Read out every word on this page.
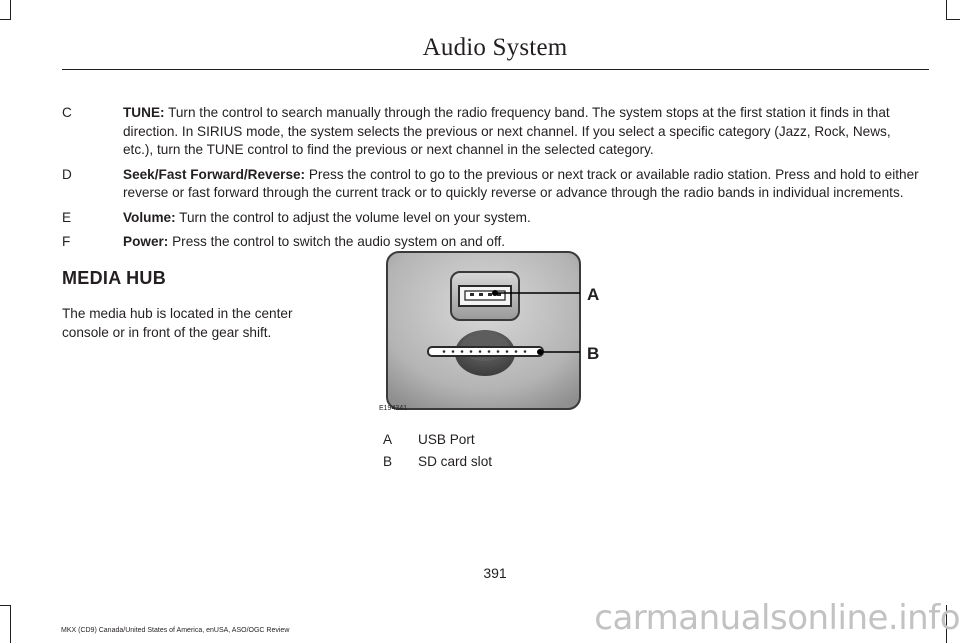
Audio System
C	TUNE: Turn the control to search manually through the radio frequency band. The system stops at the first station it finds in that direction. In SIRIUS mode, the system selects the previous or next channel. If you select a specific category (Jazz, Rock, News, etc.), turn the TUNE control to find the previous or next channel in the selected category.
D	Seek/Fast Forward/Reverse: Press the control to go to the previous or next track or available radio station. Press and hold to either reverse or fast forward through the current track or to quickly reverse or advance through the radio bands in individual increments.
E	Volume: Turn the control to adjust the volume level on your system.
F	Power: Press the control to switch the audio system on and off.
MEDIA HUB
The media hub is located in the center console or in front of the gear shift.
A
B
E194341
A USB Port
B SD card slot
391
MKX (CD9) Canada/United States of America, enUSA, ASO/OGC Review	carmanualsonline.info
